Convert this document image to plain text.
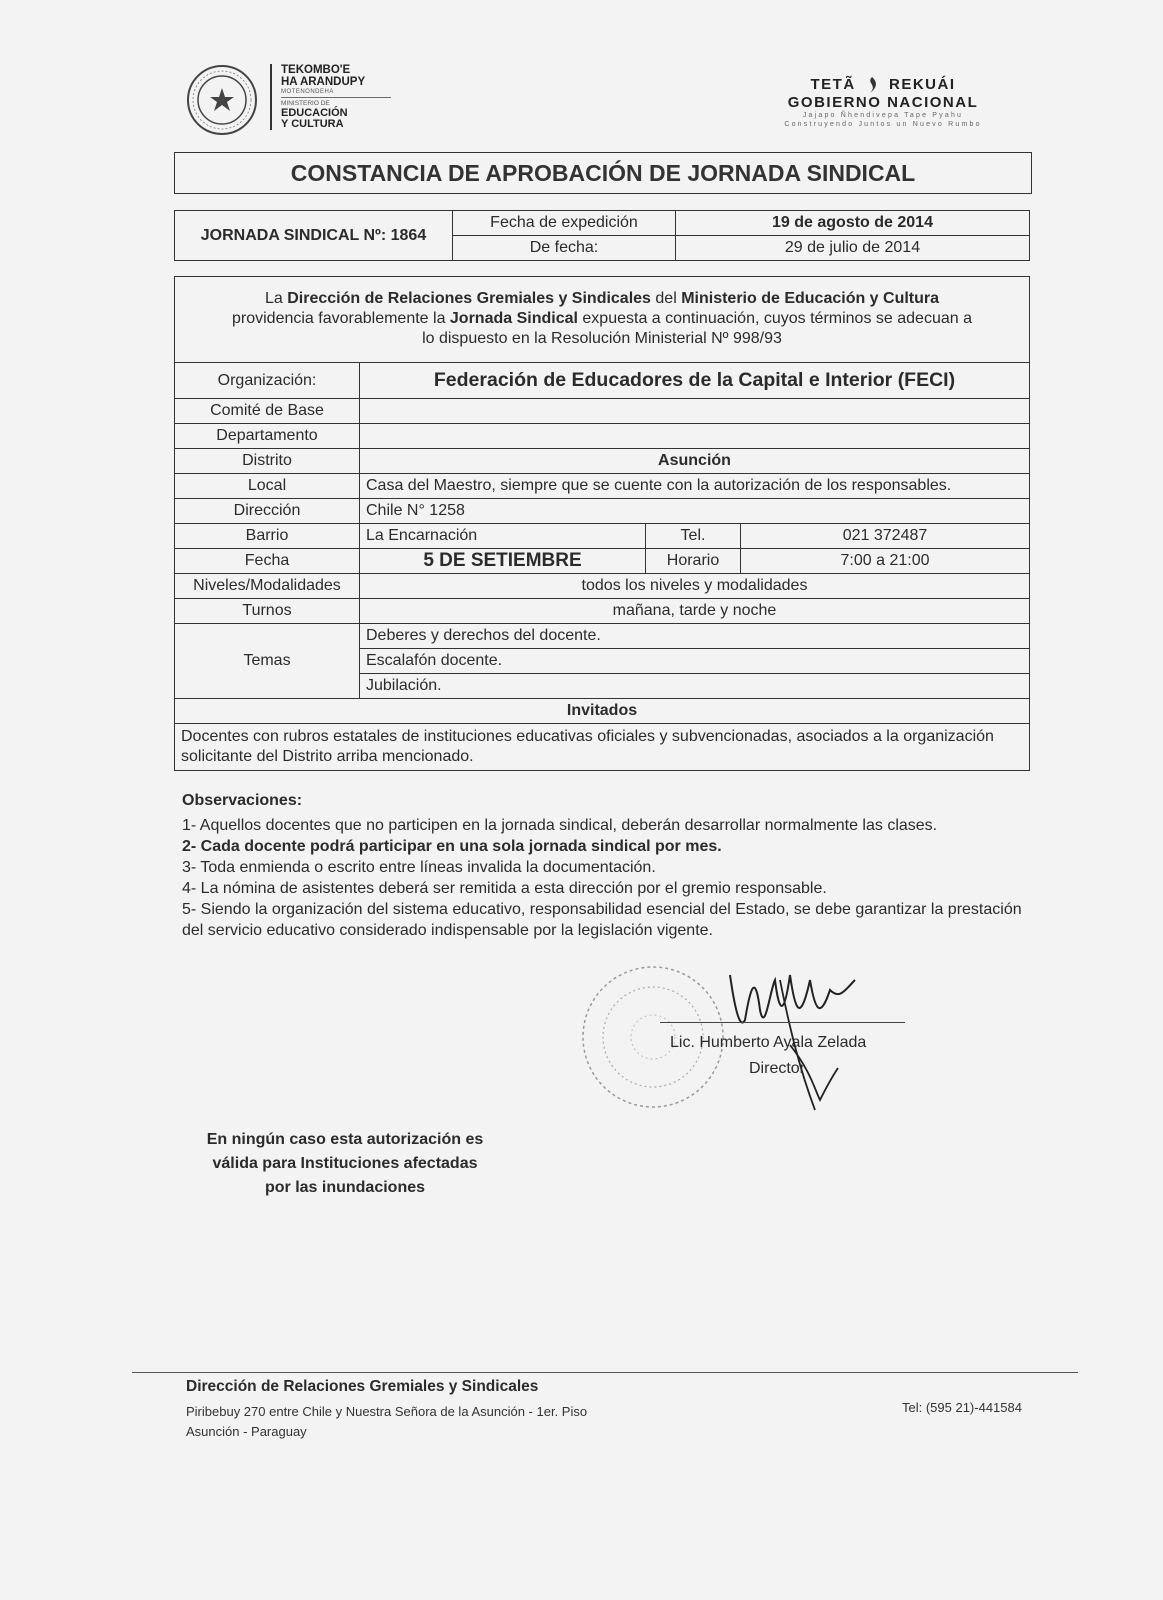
TEKOMBO'E
HA ARANDUPY
MOTENONDEHA
MINISTERIO DE
EDUCACIÓN
Y CULTURA
TETÃ REKUÁI
GOBIERNO NACIONAL
Jajapo Ñhendivepa Tape Pyahu
Construyendo Juntos un Nuevo Rumbo
CONSTANCIA DE APROBACIÓN DE JORNADA SINDICAL
JORNADA SINDICAL Nº: 1864	Fecha de expedición	19 de agosto de 2014
	De fecha:	29 de julio de 2014
La Dirección de Relaciones Gremiales y Sindicales del Ministerio de Educación y Cultura
providencia favorablemente la Jornada Sindical expuesta a continuación, cuyos términos se adecuan a
lo dispuesto en la Resolución Ministerial Nº 998/93
Organización:	Federación de Educadores de la Capital e Interior (FECI)		
Comité de Base			
Departamento			
Distrito	Asunción		
Local	Casa del Maestro, siempre que se cuente con la autorización de los responsables.		
Dirección	Chile N° 1258		
Barrio	La Encarnación	Tel.	021 372487
Fecha	5 DE SETIEMBRE	Horario	7:00 a 21:00
Niveles/Modalidades	todos los niveles y modalidades		
Turnos	mañana, tarde y noche		
Temas	Deberes y derechos del docente.		
	Escalafón docente.		
	Jubilación.		
Invitados			
Docentes con rubros estatales de instituciones educativas oficiales y subvencionadas, asociados a la organización solicitante del Distrito arriba mencionado.			
Observaciones:
1- Aquellos docentes que no participen en la jornada sindical, deberán desarrollar normalmente las clases.
2- Cada docente podrá participar en una sola jornada sindical por mes.
3- Toda enmienda o escrito entre líneas invalida la documentación.
4- La nómina de asistentes deberá ser remitida a esta dirección por el gremio responsable.
5- Siendo la organización del sistema educativo, responsabilidad esencial del Estado, se debe garantizar la prestación del servicio educativo considerado indispensable por la legislación vigente.
Lic. Humberto Ayala Zelada
Director
En ningún caso esta autorización es
válida para Instituciones afectadas
por las inundaciones
Dirección de Relaciones Gremiales y Sindicales
Piribebuy 270 entre Chile y Nuestra Señora de la Asunción - 1er. Piso
Asunción - Paraguay
Tel: (595 21)-441584
